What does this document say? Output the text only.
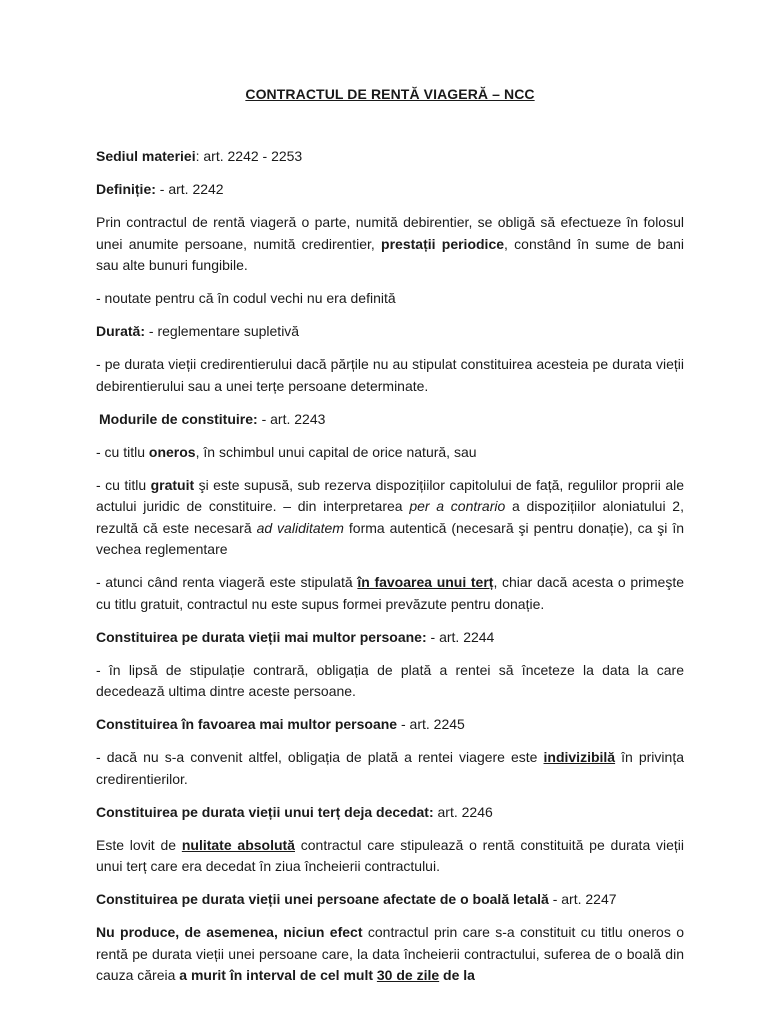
CONTRACTUL DE RENTĂ VIAGERĂ – NCC

Sediul materiei: art. 2242 - 2253

Definiție: - art. 2242

Prin contractul de rentă viageră o parte, numită debirentier, se obligă să efectueze în folosul unei anumite persoane, numită credirentier, prestații periodice, constând în sume de bani sau alte bunuri fungibile.

- noutate pentru că în codul vechi nu era definită

Durată: - reglementare supletivă

- pe durata vieții credirentierului dacă părțile nu au stipulat constituirea acesteia pe durata vieții debirentierului sau a unei terțe persoane determinate.

Modurile de constituire: - art. 2243

- cu titlu oneros, în schimbul unui capital de orice natură, sau

- cu titlu gratuit şi este supusă, sub rezerva dispozițiilor capitolului de față, regulilor proprii ale actului juridic de constituire. – din interpretarea per a contrario a dispozițiilor aloniatului 2, rezultă că este necesară ad validitatem forma autentică (necesară şi pentru donație), ca şi în vechea reglementare

- atunci când renta viageră este stipulată în favoarea unui terț, chiar dacă acesta o primeşte cu titlu gratuit, contractul nu este supus formei prevăzute pentru donație.

Constituirea pe durata vieții mai multor persoane: - art. 2244

- în lipsă de stipulație contrară, obligația de plată a rentei să înceteze la data la care decedează ultima dintre aceste persoane.

Constituirea în favoarea mai multor persoane - art. 2245

- dacă nu s-a convenit altfel, obligația de plată a rentei viagere este indivizibilă în privința credirentierilor.

Constituirea pe durata vieții unui terț deja decedat: art. 2246

Este lovit de nulitate absolută contractul care stipulează o rentă constituită pe durata vieții unui terț care era decedat în ziua încheierii contractului.

Constituirea pe durata vieții unei persoane afectate de o boală letală - art. 2247

Nu produce, de asemenea, niciun efect contractul prin care s-a constituit cu titlu oneros o rentă pe durata vieții unei persoane care, la data încheierii contractului, suferea de o boală din cauza căreia a murit în interval de cel mult 30 de zile de la
